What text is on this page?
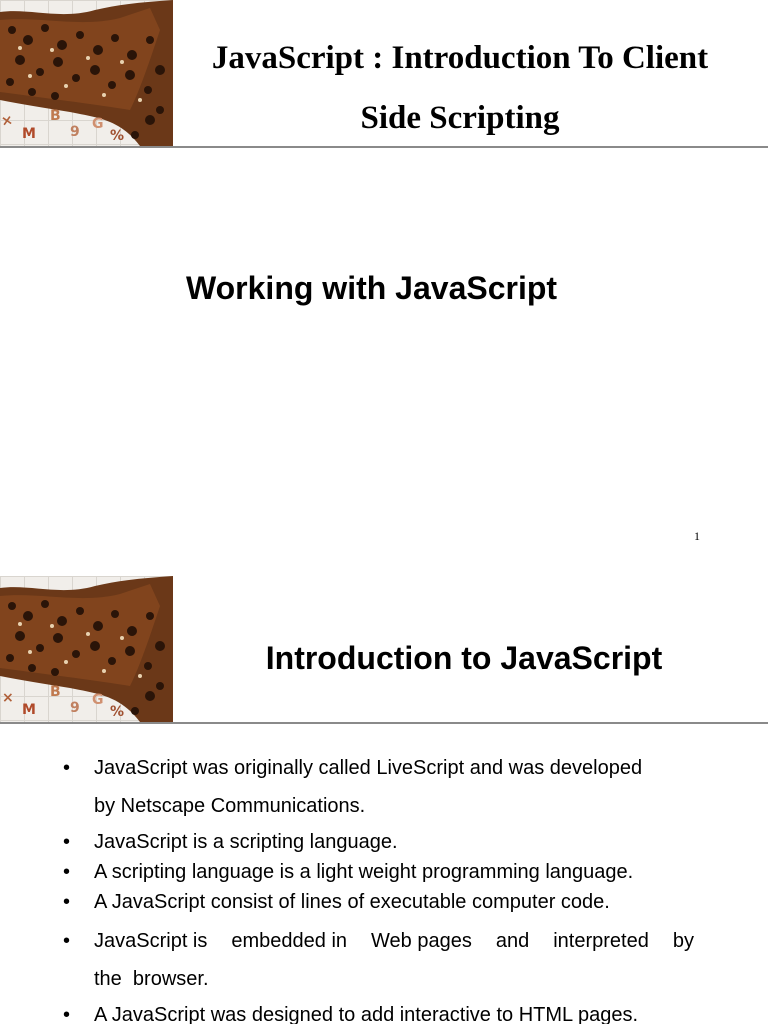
×
M
B
9 G
%
JavaScript : Introduction To Client
Side Scripting
Working with JavaScript
1
×
M
B
9 G
%
Introduction to JavaScript
• JavaScript was originally called LiveScript and was developed
by Netscape Communications.
• JavaScript is a scripting language.
• A scripting language is a light weight programming language.
• A JavaScript consist of lines of executable computer code.
• JavaScript is embedded in Web pages and interpreted by
the  browser.
• A JavaScript was designed to add interactive to HTML pages.
